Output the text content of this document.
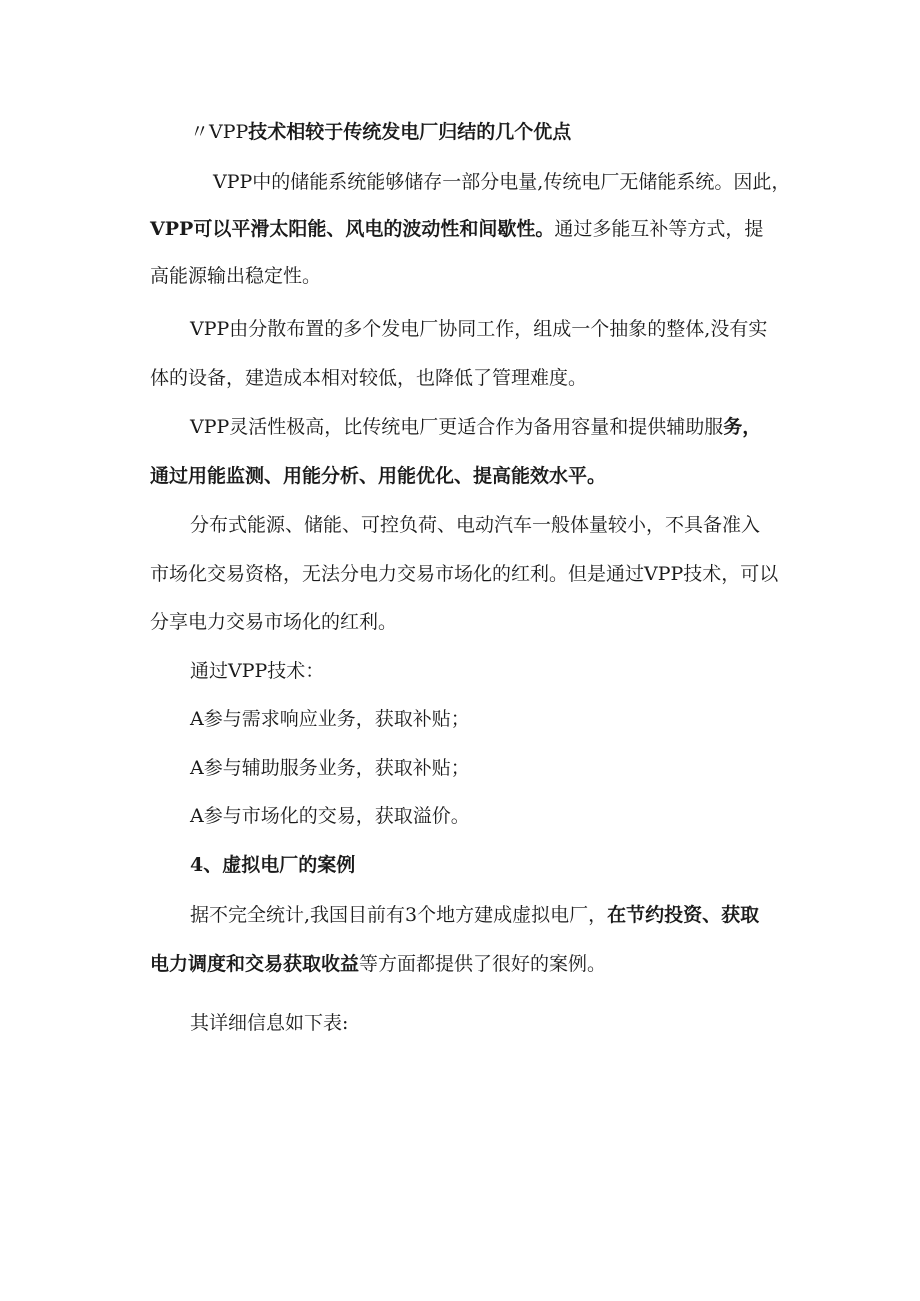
〃VPP技术相较于传统发电厂归结的几个优点
VPP中的储能系统能够储存一部分电量,传统电厂无储能系统。因此，
VPP可以平滑太阳能、风电的波动性和间歇性。通过多能互补等方式，提
高能源输出稳定性。
VPP由分散布置的多个发电厂协同工作，组成一个抽象的整体,没有实
体的设备，建造成本相对较低，也降低了管理难度。
VPP灵活性极高，比传统电厂更适合作为备用容量和提供辅助服务，
通过用能监测、用能分析、用能优化、提高能效水平。
分布式能源、储能、可控负荷、电动汽车一般体量较小，不具备准入
市场化交易资格，无法分电力交易市场化的红利。但是通过VPP技术，可以
分享电力交易市场化的红利。
通过VPP技术：
A参与需求响应业务，获取补贴；
A参与辅助服务业务，获取补贴；
A参与市场化的交易，获取溢价。
4、虚拟电厂的案例
据不完全统计,我国目前有3个地方建成虚拟电厂，在节约投资、获取
电力调度和交易获取收益等方面都提供了很好的案例。
其详细信息如下表:
